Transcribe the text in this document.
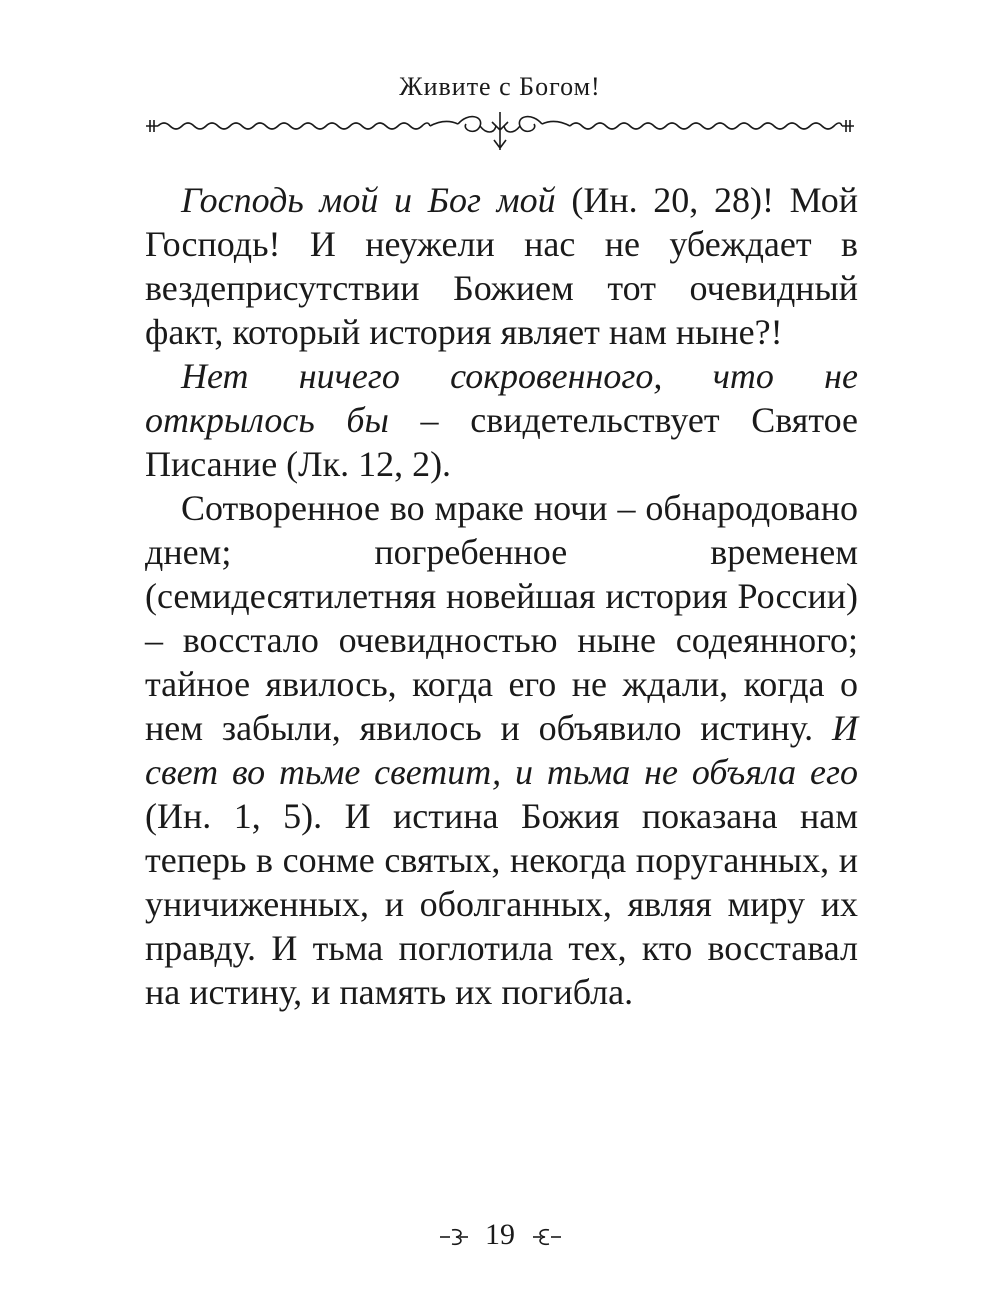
Живите с Богом!

Господь мой и Бог мой (Ин. 20, 28)! Мой Господь! И неужели нас не убеждает в вездеприсутствии Божием тот очевидный факт, который история являет нам ныне?!

Нет ничего сокровенного, что не открылось бы – свидетельствует Святое Писание (Лк. 12, 2).

Сотворенное во мраке ночи – обнародовано днем; погребенное временем (семидесятилетняя новейшая история России) – восстало очевидностью ныне содеянного; тайное явилось, когда его не ждали, когда о нем забыли, явилось и объявило истину. И свет во тьме светит, и тьма не объяла его (Ин. 1, 5). И истина Божия показана нам теперь в сонме святых, некогда поруганных, и уничиженных, и оболганных, являя миру их правду. И тьма поглотила тех, кто восставал на истину, и память их погибла.

19
